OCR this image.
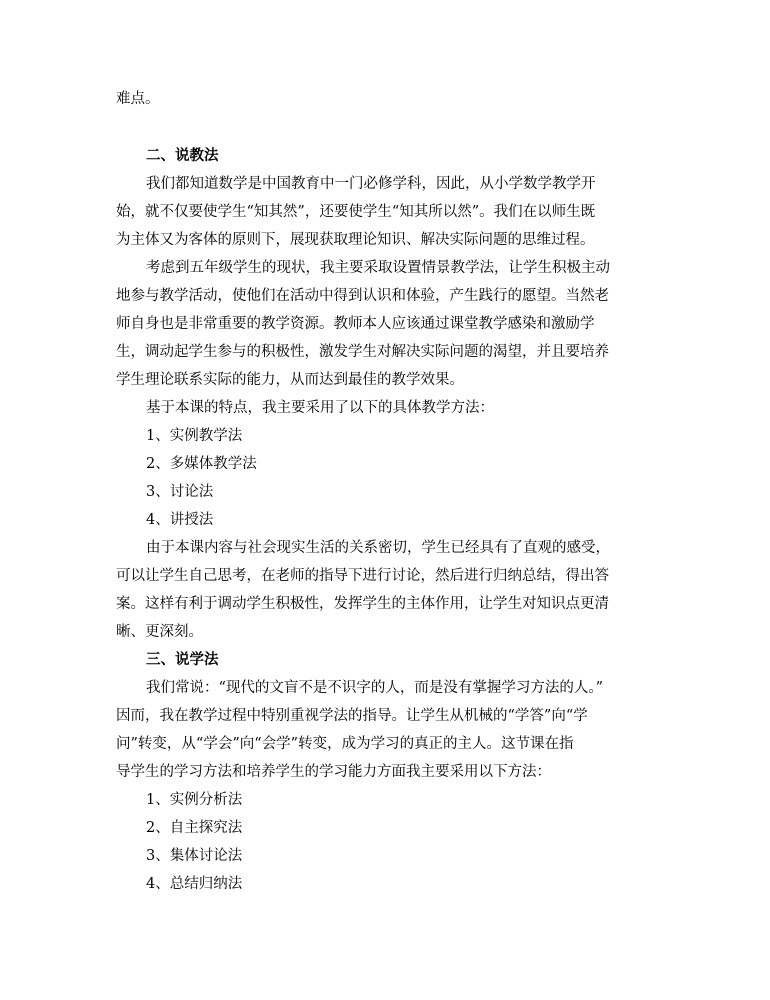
难点。
二、说教法
我们都知道数学是中国教育中一门必修学科，因此，从小学数学教学开
始，就不仅要使学生“知其然”，还要使学生“知其所以然”。我们在以师生既
为主体又为客体的原则下，展现获取理论知识、解决实际问题的思维过程。
考虑到五年级学生的现状，我主要采取设置情景教学法，让学生积极主动
地参与教学活动，使他们在活动中得到认识和体验，产生践行的愿望。当然老
师自身也是非常重要的教学资源。教师本人应该通过课堂教学感染和激励学
生，调动起学生参与的积极性，激发学生对解决实际问题的渴望，并且要培养
学生理论联系实际的能力，从而达到最佳的教学效果。
基于本课的特点，我主要采用了以下的具体教学方法：
1、实例教学法
2、多媒体教学法
3、讨论法
4、讲授法
由于本课内容与社会现实生活的关系密切，学生已经具有了直观的感受，
可以让学生自己思考，在老师的指导下进行讨论，然后进行归纳总结，得出答
案。这样有利于调动学生积极性，发挥学生的主体作用，让学生对知识点更清
晰、更深刻。
三、说学法
我们常说：“现代的文盲不是不识字的人，而是没有掌握学习方法的人。”
因而，我在教学过程中特别重视学法的指导。让学生从机械的“学答”向“学
问”转变，从“学会”向“会学”转变，成为学习的真正的主人。这节课在指
导学生的学习方法和培养学生的学习能力方面我主要采用以下方法：
1、实例分析法
2、自主探究法
3、集体讨论法
4、总结归纳法
